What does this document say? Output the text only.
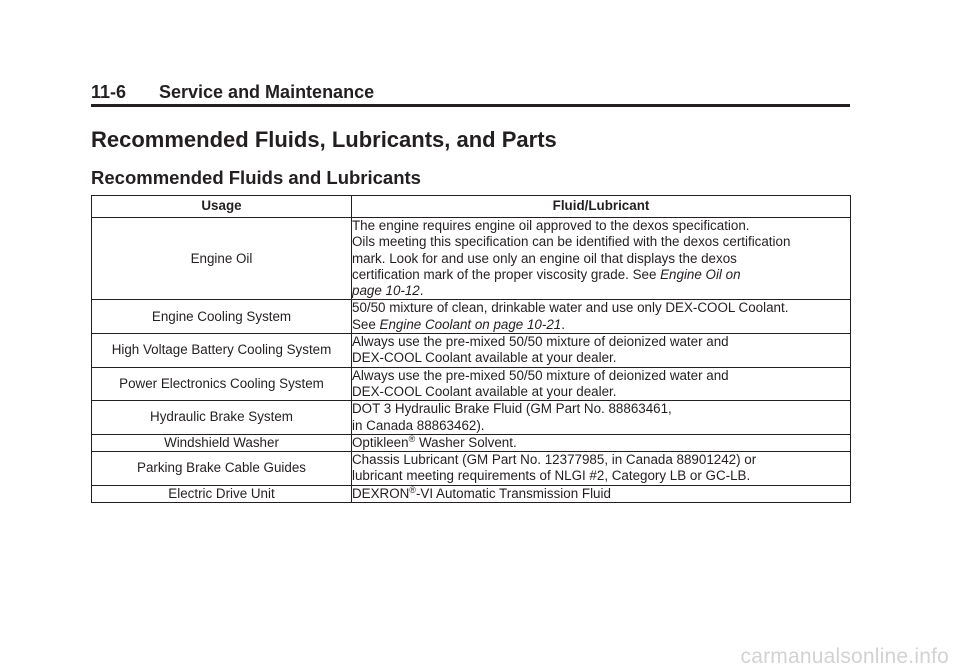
11-6 Service and Maintenance
Recommended Fluids, Lubricants, and Parts
Recommended Fluids and Lubricants
Usage	Fluid/Lubricant
Engine Oil	The engine requires engine oil approved to the dexos specification.
Oils meeting this specification can be identified with the dexos certification
mark. Look for and use only an engine oil that displays the dexos
certification mark of the proper viscosity grade. See Engine Oil on
page 10-12.
Engine Cooling System	50/50 mixture of clean, drinkable water and use only DEX-COOL Coolant.
See Engine Coolant on page 10-21.
High Voltage Battery Cooling System	Always use the pre-mixed 50/50 mixture of deionized water and
DEX-COOL Coolant available at your dealer.
Power Electronics Cooling System	Always use the pre-mixed 50/50 mixture of deionized water and
DEX-COOL Coolant available at your dealer.
Hydraulic Brake System	DOT 3 Hydraulic Brake Fluid (GM Part No. 88863461,
in Canada 88863462).
Windshield Washer	Optikleen® Washer Solvent.
Parking Brake Cable Guides	Chassis Lubricant (GM Part No. 12377985, in Canada 88901242) or
lubricant meeting requirements of NLGI #2, Category LB or GC-LB.
Electric Drive Unit	DEXRON®-VI Automatic Transmission Fluid
carmanualsonline.info
